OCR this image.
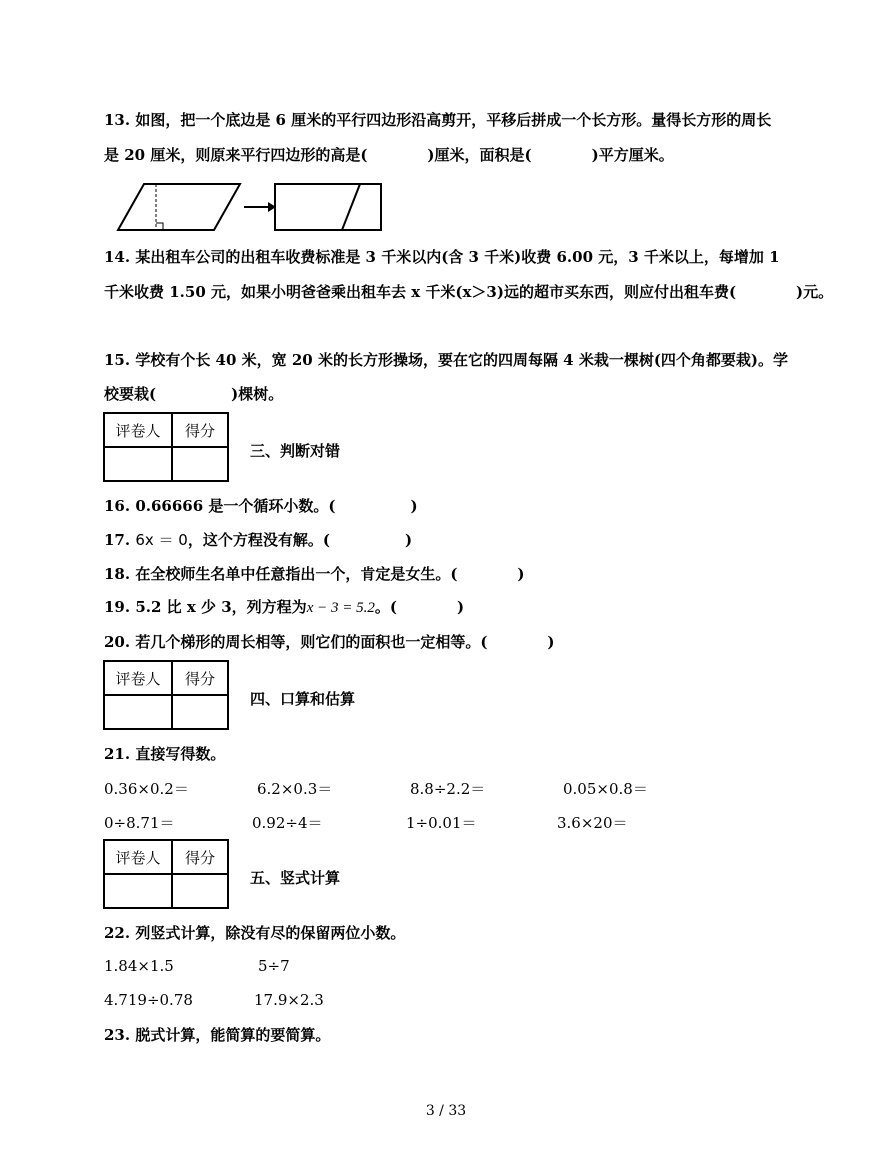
13. 如图，把一个底边是 6 厘米的平行四边形沿高剪开，平移后拼成一个长方形。量得长方形的周长
是 20 厘米，则原来平行四边形的高是(　　　　)厘米，面积是(　　　　)平方厘米。
14. 某出租车公司的出租车收费标准是 3 千米以内(含 3 千米)收费 6.00 元，3 千米以上，每增加 1
千米收费 1.50 元，如果小明爸爸乘出租车去 x 千米(x＞3)远的超市买东西，则应付出租车费(　　　　)元。
15. 学校有个长 40 米，宽 20 米的长方形操场，要在它的四周每隔 4 米栽一棵树(四个角都要栽)。学
校要栽(　　　　　)棵树。
评卷人	得分

三、判断对错
16. 0.66666 是一个循环小数。(　　　　　)
17. 6x ＝ 0，这个方程没有解。(　　　　　)
18. 在全校师生名单中任意指出一个，肯定是女生。(　　　　)
19. 5.2 比 x 少 3，列方程为x − 3 = 5.2。(　　　　)
20. 若几个梯形的周长相等，则它们的面积也一定相等。(　　　　)
评卷人	得分

四、口算和估算
21. 直接写得数。
0.36×0.2＝	6.2×0.3＝	8.8÷2.2＝	0.05×0.8＝
0÷8.71＝	0.92÷4＝	1÷0.01＝	3.6×20＝
评卷人	得分

五、竖式计算
22. 列竖式计算，除没有尽的保留两位小数。
1.84×1.5	5÷7
4.719÷0.78	17.9×2.3
23. 脱式计算，能简算的要简算。
3 / 33
